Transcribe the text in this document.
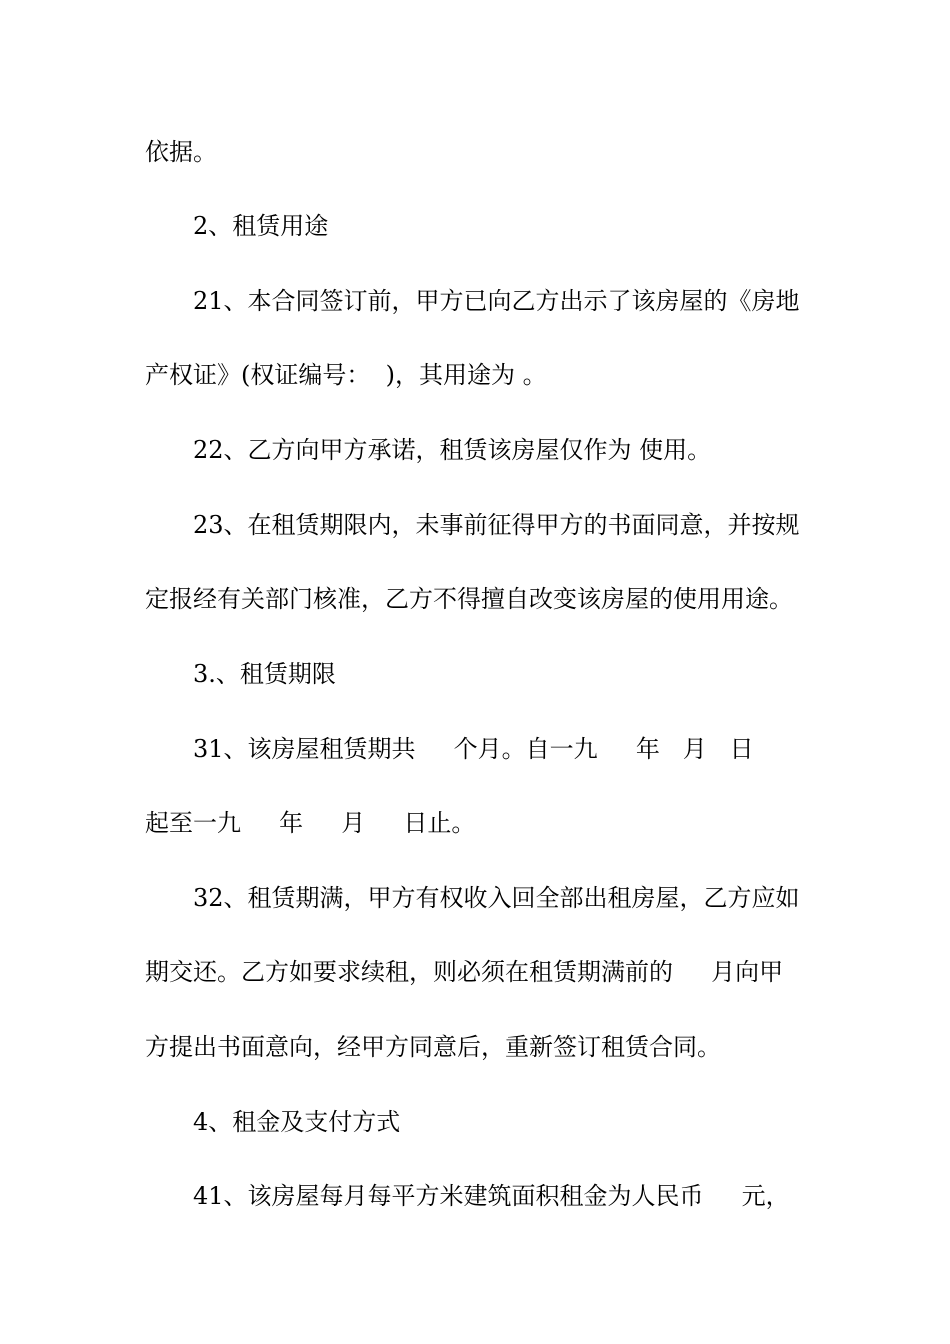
依据。
2、租赁用途
21、本合同签订前，甲方已向乙方出示了该房屋的《房地
产权证》(权证编号：  )，其用途为 。
22、乙方向甲方承诺，租赁该房屋仅作为 使用。
23、在租赁期限内，未事前征得甲方的书面同意，并按规
定报经有关部门核准，乙方不得擅自改变该房屋的使用用途。
3.、租赁期限
31、该房屋租赁期共     个月。自一九     年   月   日
起至一九     年     月     日止。
32、租赁期满，甲方有权收入回全部出租房屋，乙方应如
期交还。乙方如要求续租，则必须在租赁期满前的     月向甲
方提出书面意向，经甲方同意后，重新签订租赁合同。
4、租金及支付方式
41、该房屋每月每平方米建筑面积租金为人民币     元，
